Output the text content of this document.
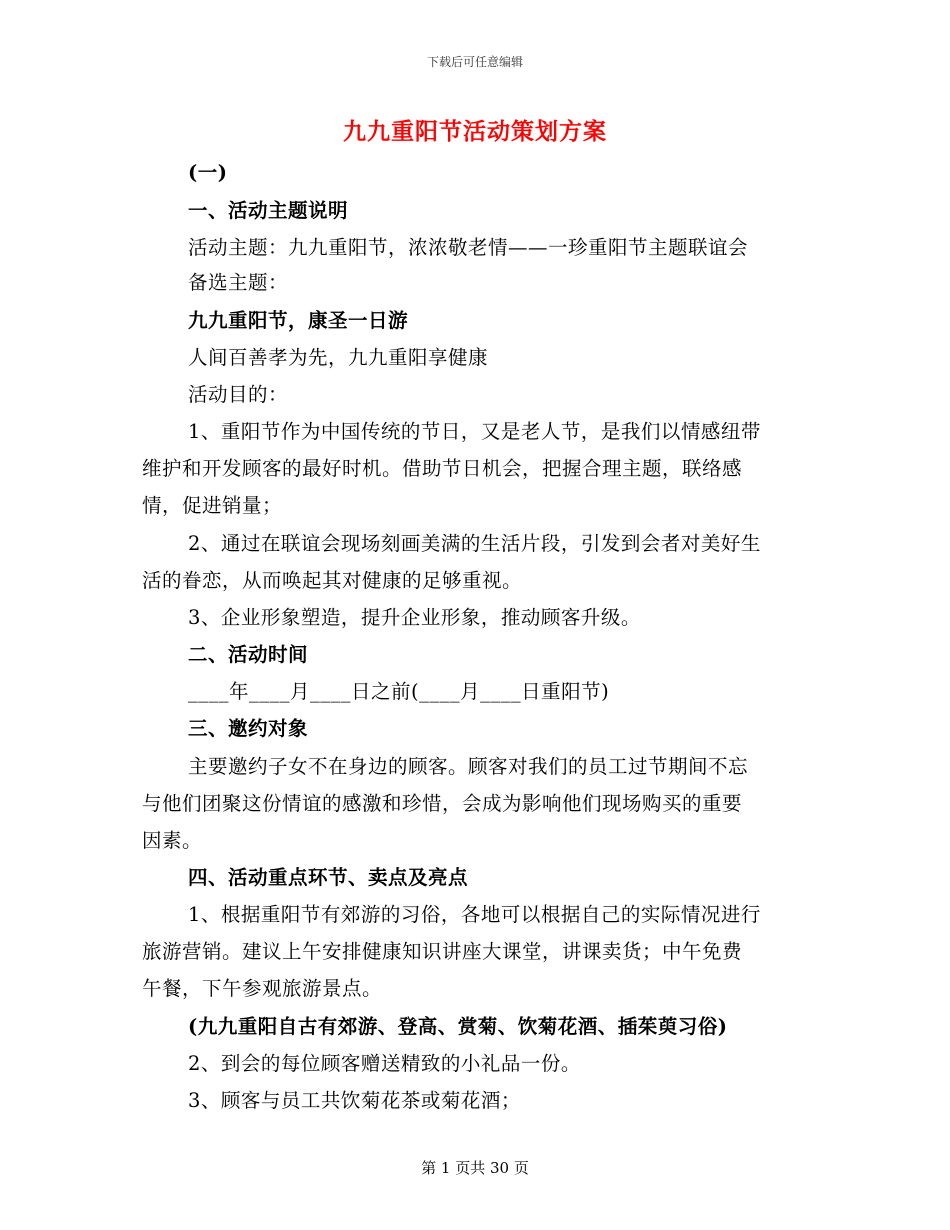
下载后可任意编辑
九九重阳节活动策划方案
(一)
一、活动主题说明
活动主题：九九重阳节，浓浓敬老情——一珍重阳节主题联谊会
备选主题：
九九重阳节，康圣一日游
人间百善孝为先，九九重阳享健康
活动目的：
1、重阳节作为中国传统的节日，又是老人节，是我们以情感纽带
维护和开发顾客的最好时机。借助节日机会，把握合理主题，联络感
情，促进销量；
2、通过在联谊会现场刻画美满的生活片段，引发到会者对美好生
活的眷恋，从而唤起其对健康的足够重视。
3、企业形象塑造，提升企业形象，推动顾客升级。
二、活动时间
____年____月____日之前(____月____日重阳节)
三、邀约对象
主要邀约子女不在身边的顾客。顾客对我们的员工过节期间不忘
与他们团聚这份情谊的感激和珍惜，会成为影响他们现场购买的重要
因素。
四、活动重点环节、卖点及亮点
1、根据重阳节有郊游的习俗，各地可以根据自己的实际情况进行
旅游营销。建议上午安排健康知识讲座大课堂，讲课卖货；中午免费
午餐，下午参观旅游景点。
(九九重阳自古有郊游、登高、赏菊、饮菊花酒、插茱萸习俗)
2、到会的每位顾客赠送精致的小礼品一份。
3、顾客与员工共饮菊花茶或菊花酒；
第 1 页共 30 页
